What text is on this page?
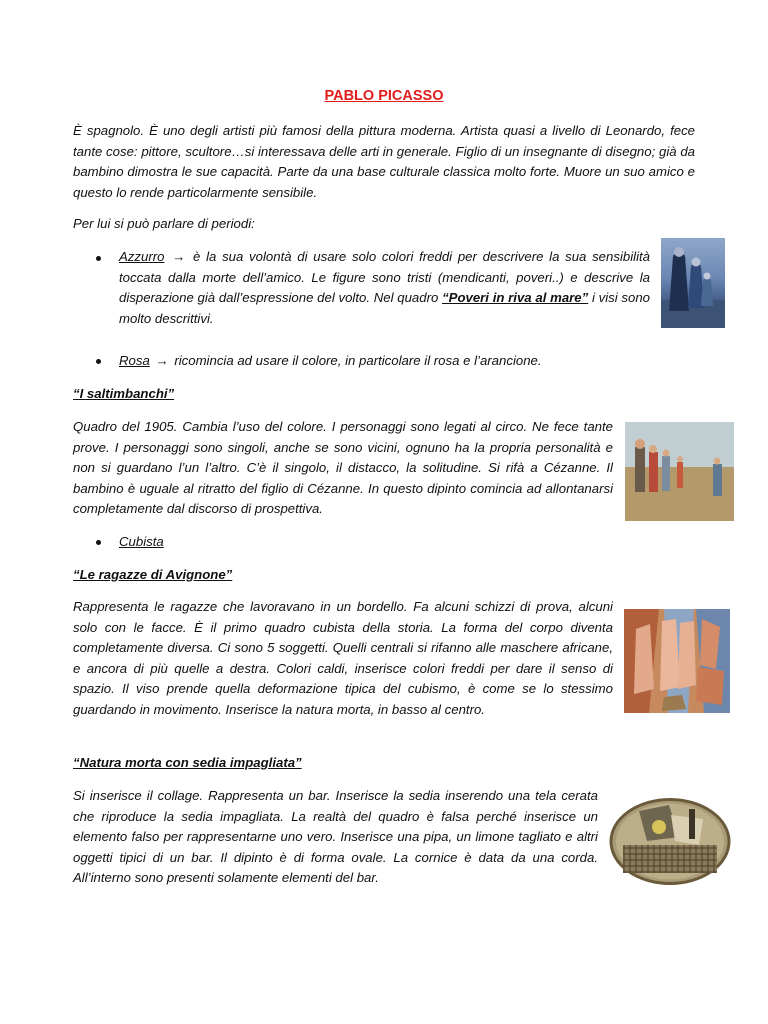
PABLO PICASSO

È spagnolo. È uno degli artisti più famosi della pittura moderna. Artista quasi a livello di Leonardo, fece tante cose: pittore, scultore…si interessava delle arti in generale. Figlio di un insegnante di disegno; già da bambino dimostra le sue capacità. Parte da una base culturale classica molto forte. Muore un suo amico e questo lo rende particolarmente sensibile.

Per lui si può parlare di periodi:

Azzurro → è la sua volontà di usare solo colori freddi per descrivere la sua sensibilità toccata dalla morte dell’amico. Le figure sono tristi (mendicanti, poveri..) e descrive la disperazione già dall’espressione del volto. Nel quadro “Poveri in riva al mare” i visi sono molto descrittivi.

Rosa → ricomincia ad usare il colore, in particolare il rosa e l’arancione.

“I saltimbanchi”

Quadro del 1905. Cambia l’uso del colore. I personaggi sono legati al circo. Ne fece tante prove. I personaggi sono singoli, anche se sono vicini, ognuno ha la propria personalità e non si guardano l’un l’altro. C’è il singolo, il distacco, la solitudine. Si rifà a Cézanne. Il bambino è uguale al ritratto del figlio di Cézanne. In questo dipinto comincia ad allontanarsi completamente dal discorso di prospettiva.

Cubista

“Le ragazze di Avignone”

Rappresenta le ragazze che lavoravano in un bordello. Fa alcuni schizzi di prova, alcuni solo con le facce. È il primo quadro cubista della storia. La forma del corpo diventa completamente diversa. Ci sono 5 soggetti. Quelli centrali si rifanno alle maschere africane, e ancora di più quelle a destra. Colori caldi, inserisce colori freddi per dare il senso di spazio. Il viso prende quella deformazione tipica del cubismo, è come se lo stessimo guardando in movimento. Inserisce la natura morta, in basso al centro.

“Natura morta con sedia impagliata”

Si inserisce il collage. Rappresenta un bar. Inserisce la sedia inserendo una tela cerata che riproduce la sedia impagliata. La realtà del quadro è falsa perché inserisce un elemento falso per rappresentarne uno vero. Inserisce una pipa, un limone tagliato e altri oggetti tipici di un bar. Il dipinto è di forma ovale. La cornice è data da una corda. All’interno sono presenti solamente elementi del bar.
